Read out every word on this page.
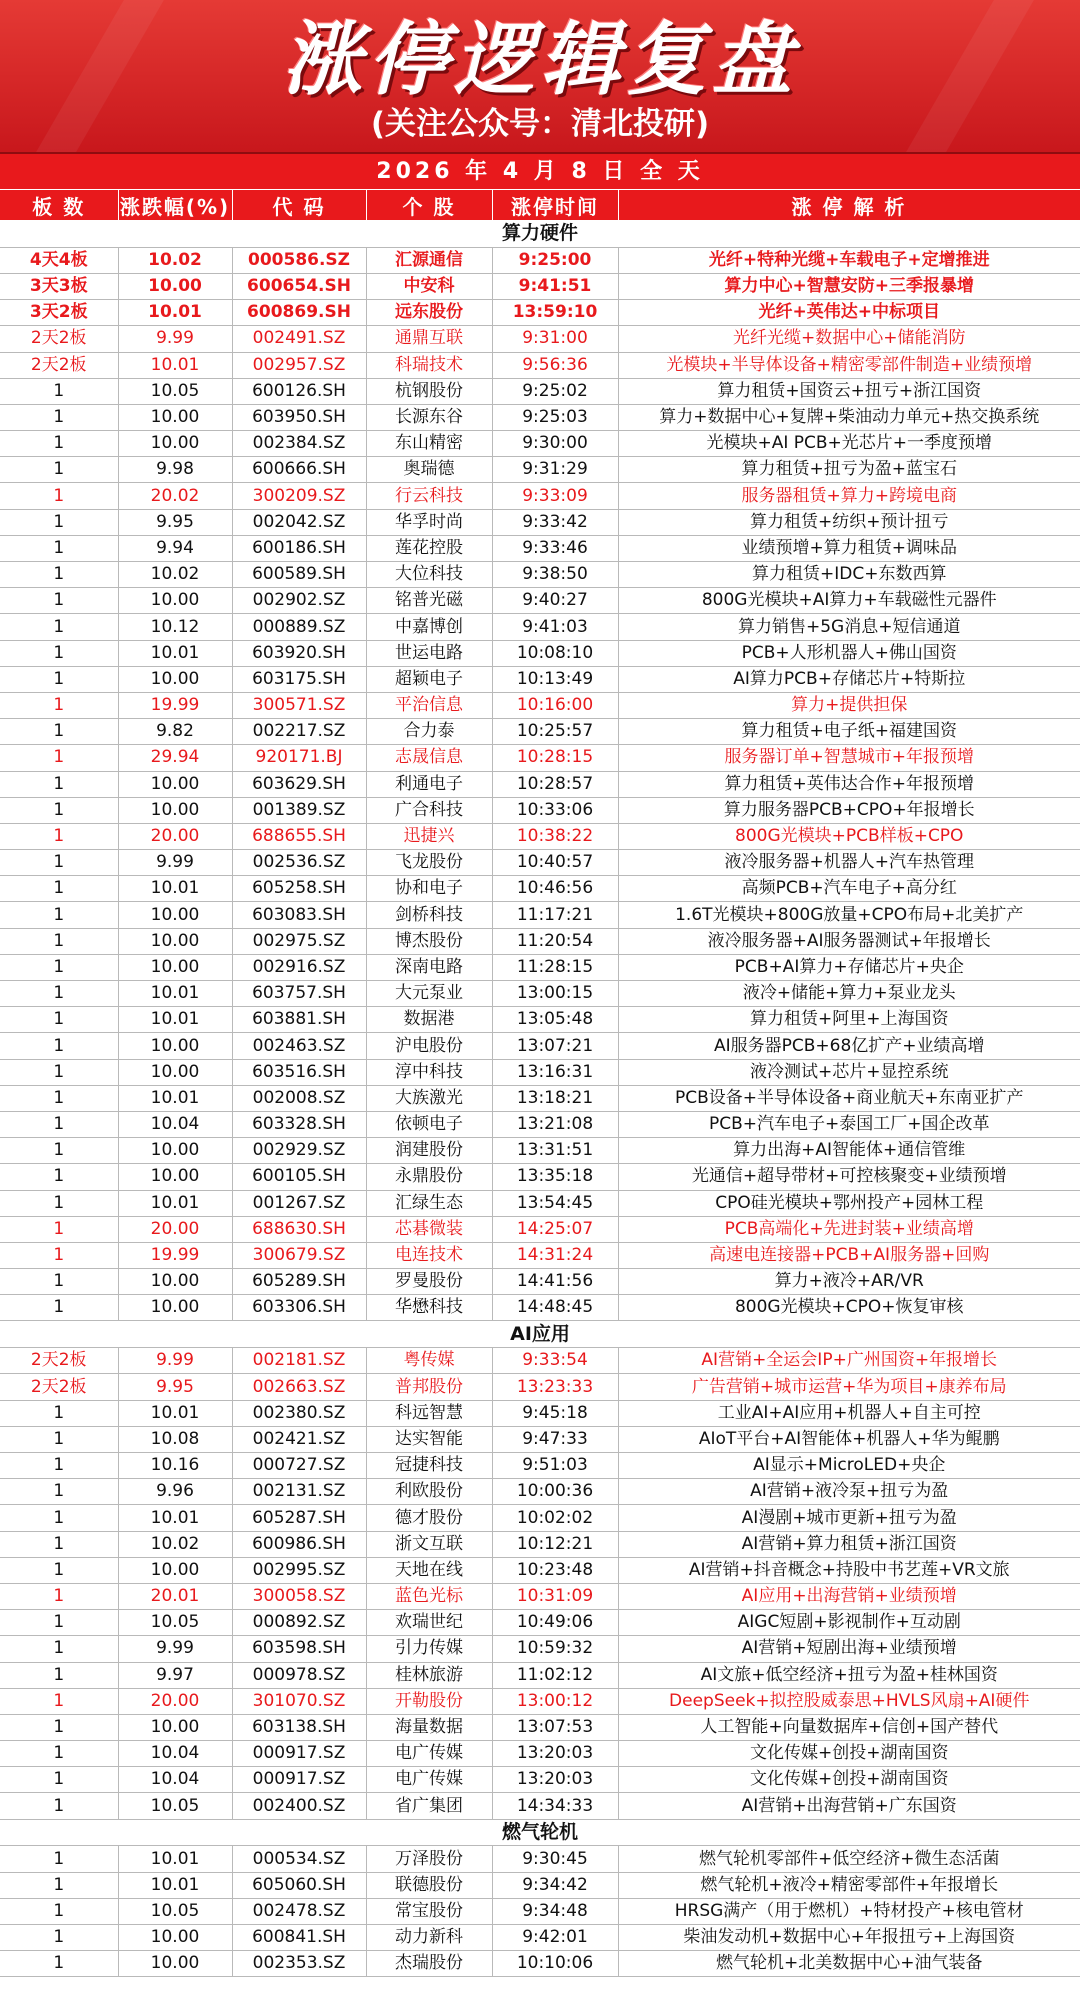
涨停逻辑复盘
(关注公众号：清北投研)
2026 年 4 月 8 日 全 天
板 数	涨跌幅(%)	代 码	个 股	涨停时间	涨 停 解 析
算力硬件					
4天4板	10.02	000586.SZ	汇源通信	9:25:00	光纤+特种光缆+车载电子+定增推进
3天3板	10.00	600654.SH	中安科	9:41:51	算力中心+智慧安防+三季报暴增
3天2板	10.01	600869.SH	远东股份	13:59:10	光纤+英伟达+中标项目
2天2板	9.99	002491.SZ	通鼎互联	9:31:00	光纤光缆+数据中心+储能消防
2天2板	10.01	002957.SZ	科瑞技术	9:56:36	光模块+半导体设备+精密零部件制造+业绩预增
1	10.05	600126.SH	杭钢股份	9:25:02	算力租赁+国资云+扭亏+浙江国资
1	10.00	603950.SH	长源东谷	9:25:03	算力+数据中心+复牌+柴油动力单元+热交换系统
1	10.00	002384.SZ	东山精密	9:30:00	光模块+AI PCB+光芯片+一季度预增
1	9.98	600666.SH	奥瑞德	9:31:29	算力租赁+扭亏为盈+蓝宝石
1	20.02	300209.SZ	行云科技	9:33:09	服务器租赁+算力+跨境电商
1	9.95	002042.SZ	华孚时尚	9:33:42	算力租赁+纺织+预计扭亏
1	9.94	600186.SH	莲花控股	9:33:46	业绩预增+算力租赁+调味品
1	10.02	600589.SH	大位科技	9:38:50	算力租赁+IDC+东数西算
1	10.00	002902.SZ	铭普光磁	9:40:27	800G光模块+AI算力+车载磁性元器件
1	10.12	000889.SZ	中嘉博创	9:41:03	算力销售+5G消息+短信通道
1	10.01	603920.SH	世运电路	10:08:10	PCB+人形机器人+佛山国资
1	10.00	603175.SH	超颖电子	10:13:49	AI算力PCB+存储芯片+特斯拉
1	19.99	300571.SZ	平治信息	10:16:00	算力+提供担保
1	9.82	002217.SZ	合力泰	10:25:57	算力租赁+电子纸+福建国资
1	29.94	920171.BJ	志晟信息	10:28:15	服务器订单+智慧城市+年报预增
1	10.00	603629.SH	利通电子	10:28:57	算力租赁+英伟达合作+年报预增
1	10.00	001389.SZ	广合科技	10:33:06	算力服务器PCB+CPO+年报增长
1	20.00	688655.SH	迅捷兴	10:38:22	800G光模块+PCB样板+CPO
1	9.99	002536.SZ	飞龙股份	10:40:57	液冷服务器+机器人+汽车热管理
1	10.01	605258.SH	协和电子	10:46:56	高频PCB+汽车电子+高分红
1	10.00	603083.SH	剑桥科技	11:17:21	1.6T光模块+800G放量+CPO布局+北美扩产
1	10.00	002975.SZ	博杰股份	11:20:54	液冷服务器+AI服务器测试+年报增长
1	10.00	002916.SZ	深南电路	11:28:15	PCB+AI算力+存储芯片+央企
1	10.01	603757.SH	大元泵业	13:00:15	液冷+储能+算力+泵业龙头
1	10.01	603881.SH	数据港	13:05:48	算力租赁+阿里+上海国资
1	10.00	002463.SZ	沪电股份	13:07:21	AI服务器PCB+68亿扩产+业绩高增
1	10.00	603516.SH	淳中科技	13:16:31	液冷测试+芯片+显控系统
1	10.01	002008.SZ	大族激光	13:18:21	PCB设备+半导体设备+商业航天+东南亚扩产
1	10.04	603328.SH	依顿电子	13:21:08	PCB+汽车电子+泰国工厂+国企改革
1	10.00	002929.SZ	润建股份	13:31:51	算力出海+AI智能体+通信管维
1	10.00	600105.SH	永鼎股份	13:35:18	光通信+超导带材+可控核聚变+业绩预增
1	10.01	001267.SZ	汇绿生态	13:54:45	CPO硅光模块+鄂州投产+园林工程
1	20.00	688630.SH	芯碁微装	14:25:07	PCB高端化+先进封装+业绩高增
1	19.99	300679.SZ	电连技术	14:31:24	高速电连接器+PCB+AI服务器+回购
1	10.00	605289.SH	罗曼股份	14:41:56	算力+液冷+AR/VR
1	10.00	603306.SH	华懋科技	14:48:45	800G光模块+CPO+恢复审核
AI应用					
2天2板	9.99	002181.SZ	粤传媒	9:33:54	AI营销+全运会IP+广州国资+年报增长
2天2板	9.95	002663.SZ	普邦股份	13:23:33	广告营销+城市运营+华为项目+康养布局
1	10.01	002380.SZ	科远智慧	9:45:18	工业AI+AI应用+机器人+自主可控
1	10.08	002421.SZ	达实智能	9:47:33	AIoT平台+AI智能体+机器人+华为鲲鹏
1	10.16	000727.SZ	冠捷科技	9:51:03	AI显示+MicroLED+央企
1	9.96	002131.SZ	利欧股份	10:00:36	AI营销+液冷泵+扭亏为盈
1	10.01	605287.SH	德才股份	10:02:02	AI漫剧+城市更新+扭亏为盈
1	10.02	600986.SH	浙文互联	10:12:21	AI营销+算力租赁+浙江国资
1	10.00	002995.SZ	天地在线	10:23:48	AI营销+抖音概念+持股中书艺莲+VR文旅
1	20.01	300058.SZ	蓝色光标	10:31:09	AI应用+出海营销+业绩预增
1	10.05	000892.SZ	欢瑞世纪	10:49:06	AIGC短剧+影视制作+互动剧
1	9.99	603598.SH	引力传媒	10:59:32	AI营销+短剧出海+业绩预增
1	9.97	000978.SZ	桂林旅游	11:02:12	AI文旅+低空经济+扭亏为盈+桂林国资
1	20.00	301070.SZ	开勒股份	13:00:12	DeepSeek+拟控股威泰思+HVLS风扇+AI硬件
1	10.00	603138.SH	海量数据	13:07:53	人工智能+向量数据库+信创+国产替代
1	10.04	000917.SZ	电广传媒	13:20:03	文化传媒+创投+湖南国资
1	10.04	000917.SZ	电广传媒	13:20:03	文化传媒+创投+湖南国资
1	10.05	002400.SZ	省广集团	14:34:33	AI营销+出海营销+广东国资
燃气轮机					
1	10.01	000534.SZ	万泽股份	9:30:45	燃气轮机零部件+低空经济+微生态活菌
1	10.01	605060.SH	联德股份	9:34:42	燃气轮机+液冷+精密零部件+年报增长
1	10.05	002478.SZ	常宝股份	9:34:48	HRSG满产（用于燃机）+特材投产+核电管材
1	10.00	600841.SH	动力新科	9:42:01	柴油发动机+数据中心+年报扭亏+上海国资
1	10.00	002353.SZ	杰瑞股份	10:10:06	燃气轮机+北美数据中心+油气装备
